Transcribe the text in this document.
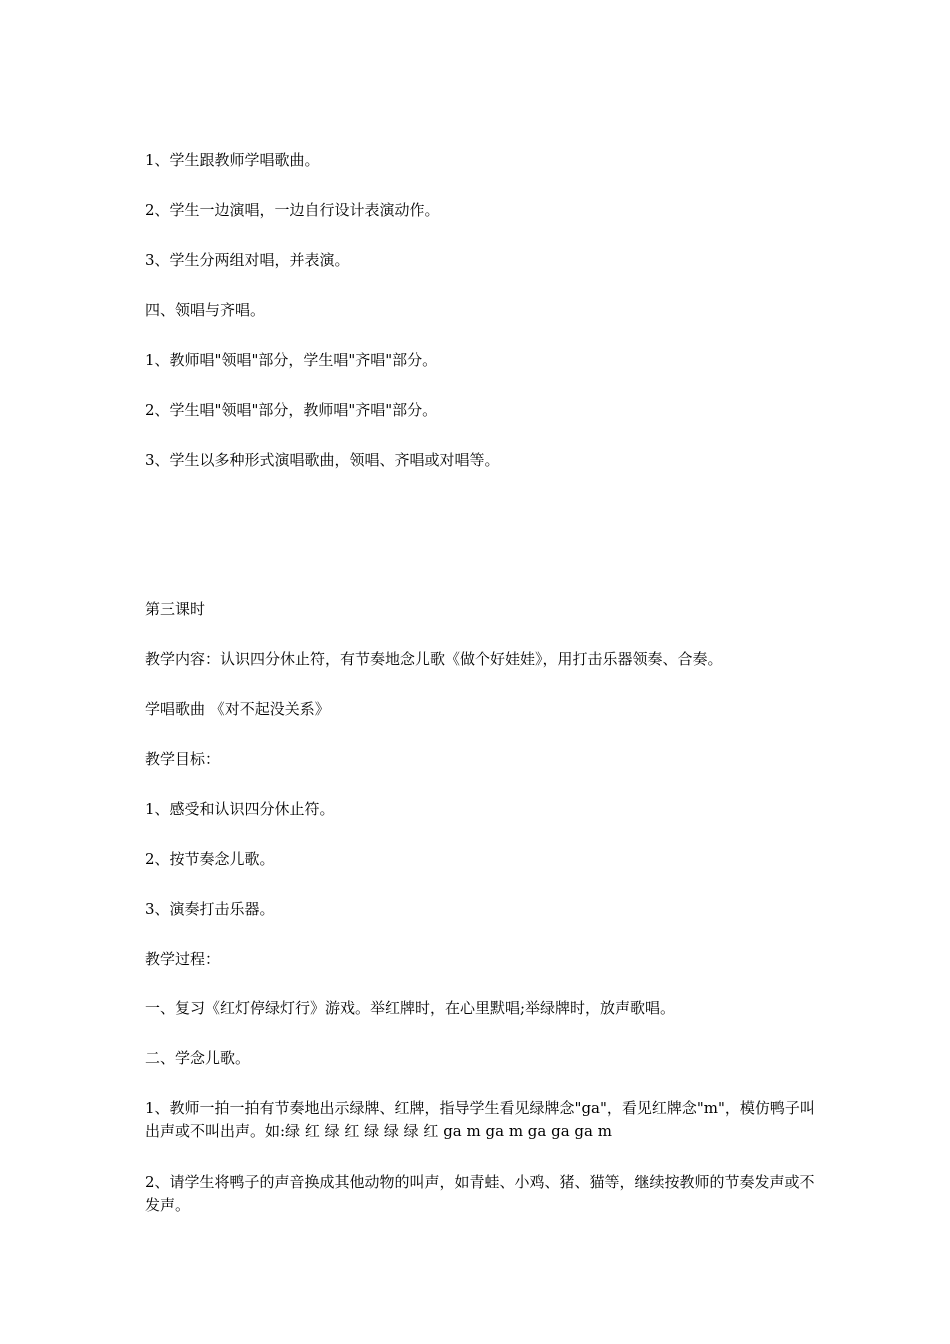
1、学生跟教师学唱歌曲。

2、学生一边演唱，一边自行设计表演动作。

3、学生分两组对唱，并表演。

四、领唱与齐唱。

1、教师唱"领唱"部分，学生唱"齐唱"部分。

2、学生唱"领唱"部分，教师唱"齐唱"部分。

3、学生以多种形式演唱歌曲，领唱、齐唱或对唱等。

第三课时

教学内容：认识四分休止符，有节奏地念儿歌《做个好娃娃》，用打击乐器领奏、合奏。

学唱歌曲 《对不起没关系》

教学目标：

1、感受和认识四分休止符。

2、按节奏念儿歌。

3、演奏打击乐器。

教学过程：

一、复习《红灯停绿灯行》游戏。举红牌时，在心里默唱;举绿牌时，放声歌唱。

二、学念儿歌。

1、教师一拍一拍有节奏地出示绿牌、红牌，指导学生看见绿牌念"ga"，看见红牌念"m"，模仿鸭子叫出声或不叫出声。如:绿 红 绿 红 绿 绿 绿 红 ga m ga m ga ga ga m

2、请学生将鸭子的声音换成其他动物的叫声，如青蛙、小鸡、猪、猫等，继续按教师的节奏发声或不发声。
